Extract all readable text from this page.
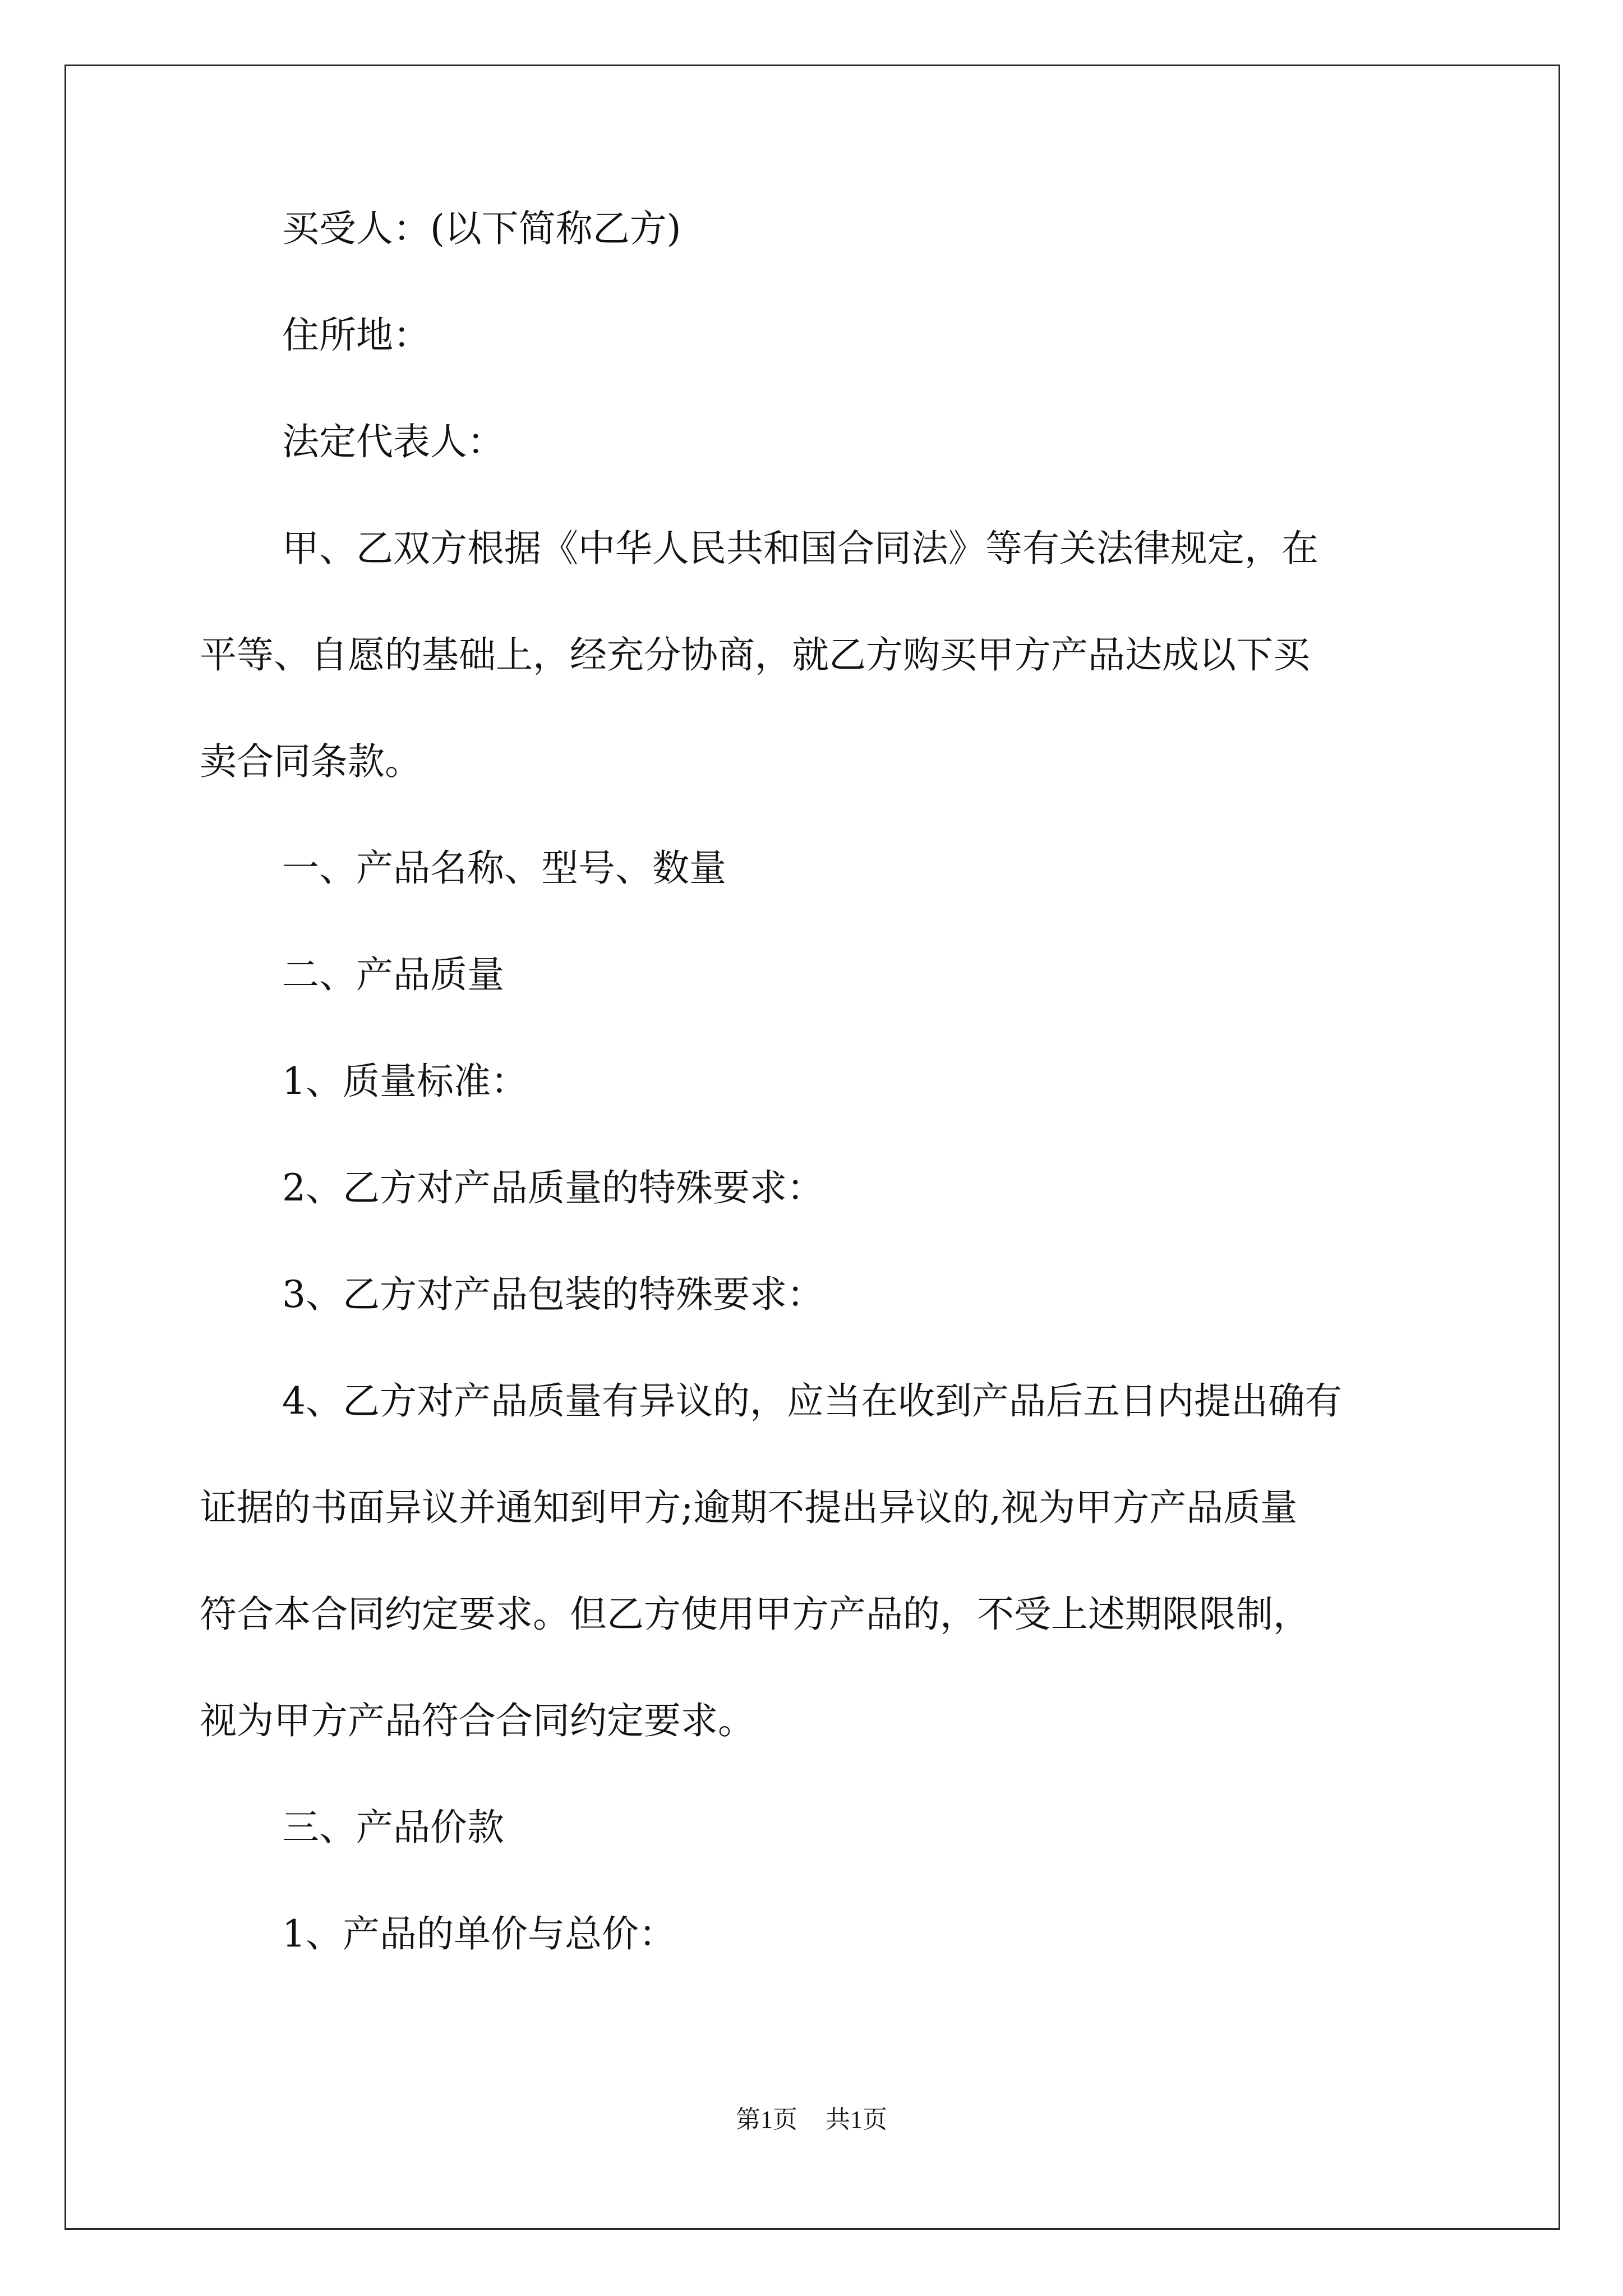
买受人：(以下简称乙方)
住所地：
法定代表人：
甲、乙双方根据《中华人民共和国合同法》等有关法律规定，在
平等、自愿的基础上，经充分协商，就乙方购买甲方产品达成以下买
卖合同条款。
一、产品名称、型号、数量
二、产品质量
1、质量标准：
2、乙方对产品质量的特殊要求：
3、乙方对产品包装的特殊要求：
4、乙方对产品质量有异议的，应当在收到产品后五日内提出确有
证据的书面异议并通知到甲方;逾期不提出异议的,视为甲方产品质量
符合本合同约定要求。但乙方使用甲方产品的，不受上述期限限制，
视为甲方产品符合合同约定要求。
三、产品价款
1、产品的单价与总价：
第1页 共1页
